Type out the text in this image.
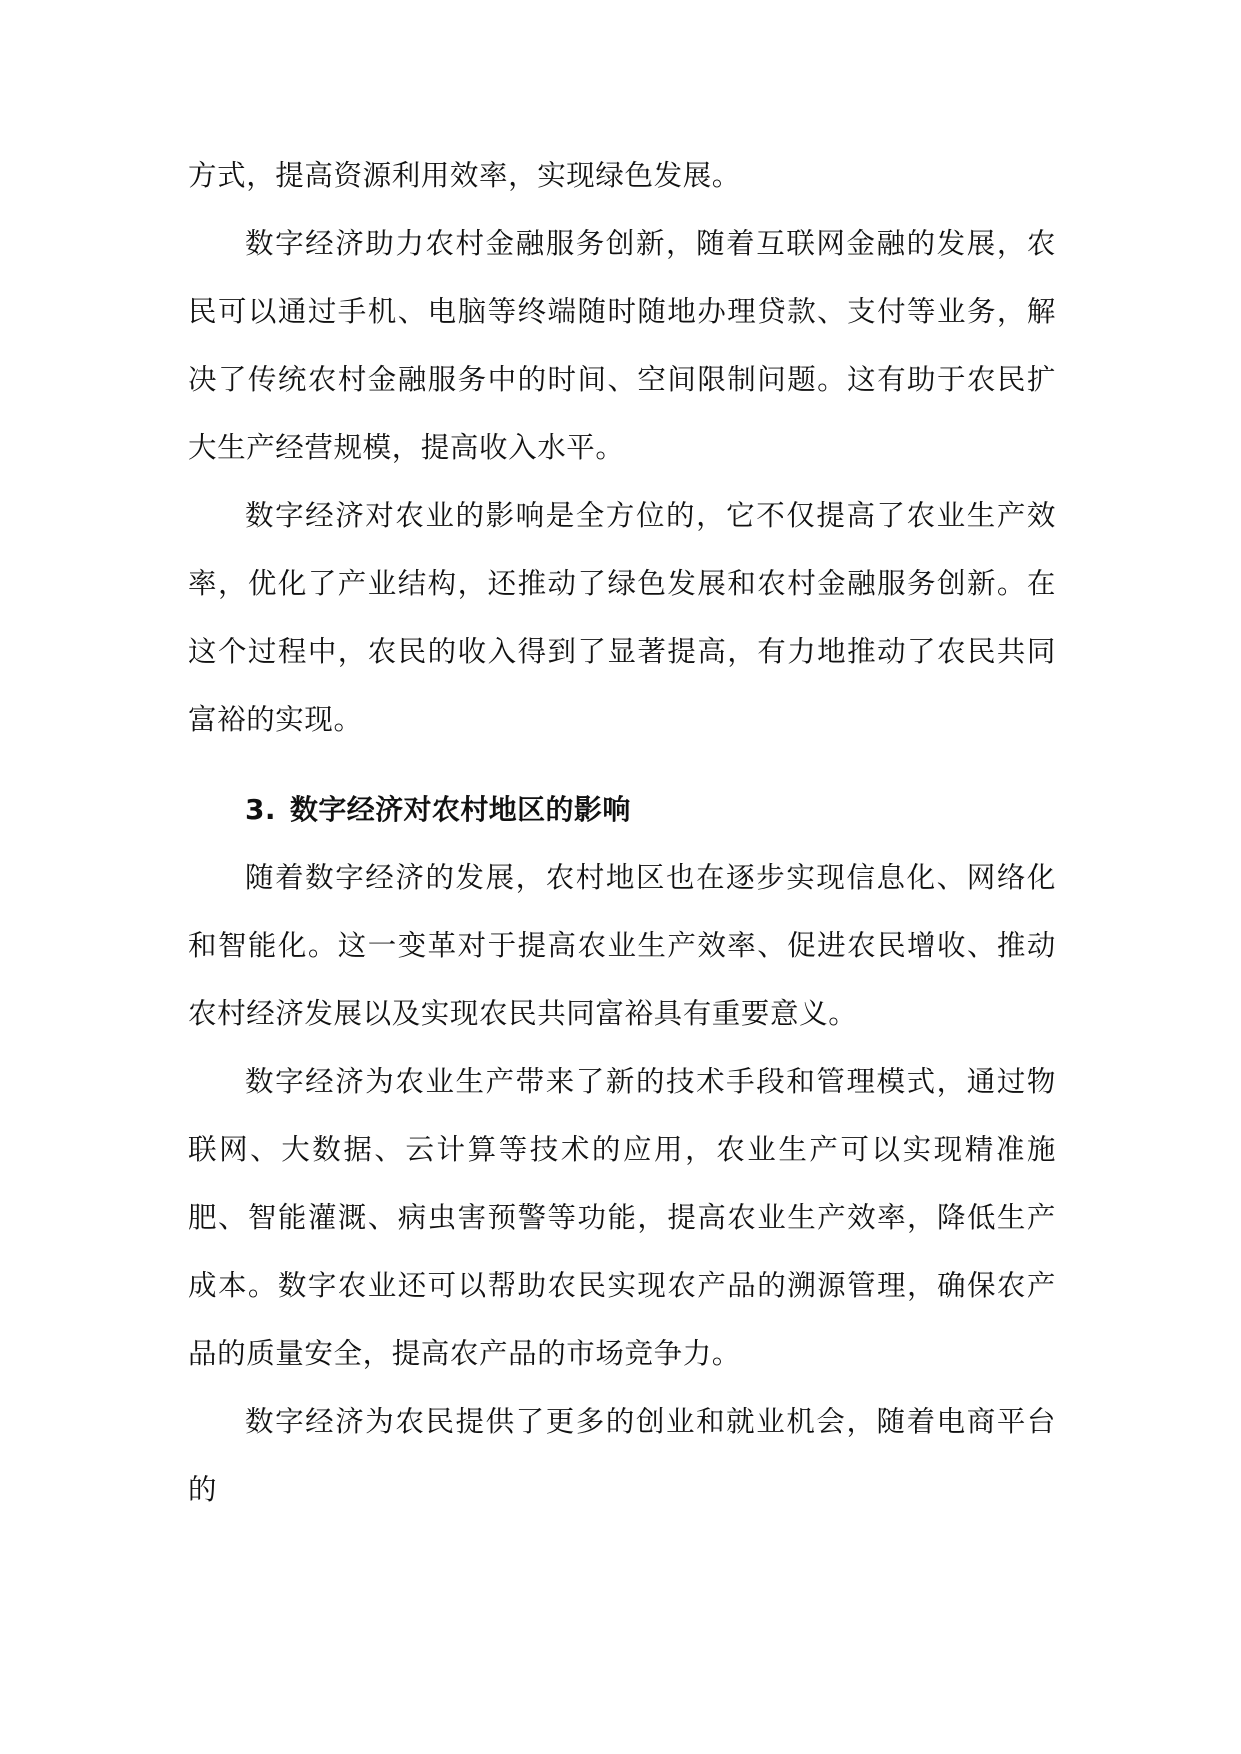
方式，提高资源利用效率，实现绿色发展。

数字经济助力农村金融服务创新，随着互联网金融的发展，农民可以通过手机、电脑等终端随时随地办理贷款、支付等业务，解决了传统农村金融服务中的时间、空间限制问题。这有助于农民扩大生产经营规模，提高收入水平。

数字经济对农业的影响是全方位的，它不仅提高了农业生产效率，优化了产业结构，还推动了绿色发展和农村金融服务创新。在这个过程中，农民的收入得到了显著提高，有力地推动了农民共同富裕的实现。

3. 数字经济对农村地区的影响

随着数字经济的发展，农村地区也在逐步实现信息化、网络化和智能化。这一变革对于提高农业生产效率、促进农民增收、推动农村经济发展以及实现农民共同富裕具有重要意义。

数字经济为农业生产带来了新的技术手段和管理模式，通过物联网、大数据、云计算等技术的应用，农业生产可以实现精准施肥、智能灌溉、病虫害预警等功能，提高农业生产效率，降低生产成本。数字农业还可以帮助农民实现农产品的溯源管理，确保农产品的质量安全，提高农产品的市场竞争力。

数字经济为农民提供了更多的创业和就业机会，随着电商平台的
